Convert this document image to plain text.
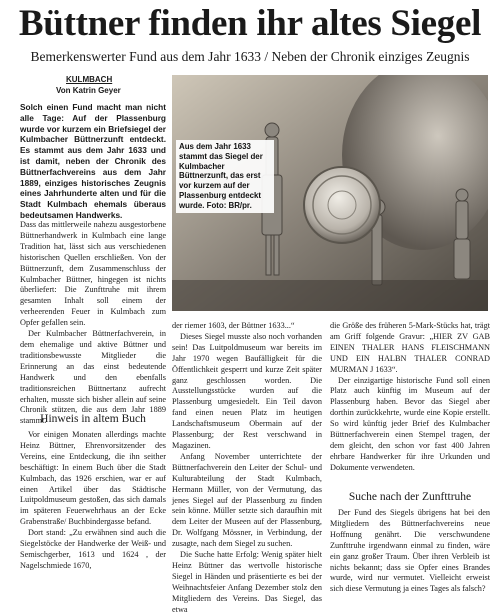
Büttner finden ihr altes Siegel
Bemerkenswerter Fund aus dem Jahr 1633 / Neben der Chronik einziges Zeugnis
KULMBACH
Von Katrin Geyer
Solch einen Fund macht man nicht alle Tage: Auf der Plassenburg wurde vor kurzem ein Briefsiegel der Kulmbacher Büttnerzunft entdeckt. Es stammt aus dem Jahr 1633 und ist damit, neben der Chronik des Büttnerfachvereins aus dem Jahr 1889, einziges historisches Zeugnis eines Jahrhunderte alten und für die Stadt Kulmbach ehemals überaus bedeutsamen Handwerks.

Dass das mittlerweile nahezu ausgestorbene Büttnerhandwerk in Kulmbach eine lange Tradition hat, lässt sich aus verschiedenen historischen Quellen erschließen. Von der Büttnerzunft, dem Zusammenschluss der Kulmbacher Büttner, hingegen ist nichts überliefert: Die Zunfttruhe mit ihrem gesamten Inhalt soll einem der verheerenden Feuer in Kulmbach zum Opfer gefallen sein.

Der Kulmbacher Büttnerfachverein, in dem ehemalige und aktive Büttner und traditionsbewusste Mitglieder die Erinnerung an das einst bedeutende Handwerk und den ebenfalls traditionsreichen Büttnertanz aufrecht erhalten, musste sich bisher allein auf seine Chronik stützen, die aus dem Jahr 1889 stammt.

Hinweis in altem Buch

Vor einigen Monaten allerdings machte Heinz Büttner, Ehrenvorsitzender des Vereins, eine Entdeckung, die ihn seither beschäftigt: In einem Buch über die Stadt Kulmbach, das 1926 erschien, war er auf einen Artikel über das Städtische Luitpoldmuseum gestoßen, das sich damals im späteren Feuerwehrhaus an der Ecke Grabenstraße/ Buchbindergasse befand.

Dort stand: „Zu erwähnen sind auch die Siegelstöcke der Handwerke der Weiß- und Semischgerber, 1613 und 1624 , der Nagelschmiede 1670,

Aus dem Jahr 1633 stammt das Siegel der Kulmbacher Büttnerzunft, das erst vor kurzem auf der Plassenburg entdeckt wurde. Foto: BR/pr.

der riemer 1603, der Büttner 1633...“

Dieses Siegel musste also noch vorhanden sein! Das Luitpoldmuseum war bereits im Jahr 1970 wegen Baufälligkeit für die Öffentlichkeit gesperrt und kurze Zeit später ganz geschlossen worden. Die Ausstellungsstücke wurden auf die Plassenburg umgesiedelt. Ein Teil davon fand einen neuen Platz im heutigen Landschaftsmuseum Obermain auf der Plassenburg; der Rest verschwand in Magazinen.

Anfang November unterrichtete der Büttnerfachverein den Leiter der Schul- und Kulturabteilung der Stadt Kulmbach, Hermann Müller, von der Vermutung, das jenes Siegel auf der Plassenburg zu finden sein könne. Müller setzte sich daraufhin mit dem Leiter der Museen auf der Plassenburg, Dr. Wolfgang Mössner, in Verbindung, der zusagte, nach dem Siegel zu suchen.

Die Suche hatte Erfolg: Wenig später hielt Heinz Büttner das wertvolle historische Siegel in Händen und präsentierte es bei der Weihnachtsfeier Anfang Dezember stolz den Mitgliedern des Vereins. Das Siegel, das etwa

die Größe des früheren 5-Mark-Stücks hat, trägt am Griff folgende Gravur: „HIER ZV GAB EINEN THALER HANS FLEISCHMANN UND EIN HALBN THALER CONRAD MURMAN J 1633“.

Der einzigartige historische Fund soll einen Platz auch künftig im Museum auf der Plassenburg haben. Bevor das Siegel aber dorthin zurückkehrte, wurde eine Kopie erstellt. So wird künftig jeder Brief des Kulmbacher Büttnerfachverein einen Stempel tragen, der dem gleicht, den schon vor fast 400 Jahren ehrbare Handwerker für ihre Urkunden und Dokumente verwendeten.

Suche nach der Zunfttruhe

Der Fund des Siegels übrigens hat bei den Mitgliedern des Büttnerfachvereins neue Hoffnung genährt. Die verschwundene Zunfttruhe irgendwann einmal zu finden, wäre ein ganz großer Traum. Über ihren Verbleib ist nichts bekannt; dass sie Opfer eines Brandes wurde, wird nur vermutet. Vielleicht erweist sich diese Vermutung ja eines Tages als falsch?
